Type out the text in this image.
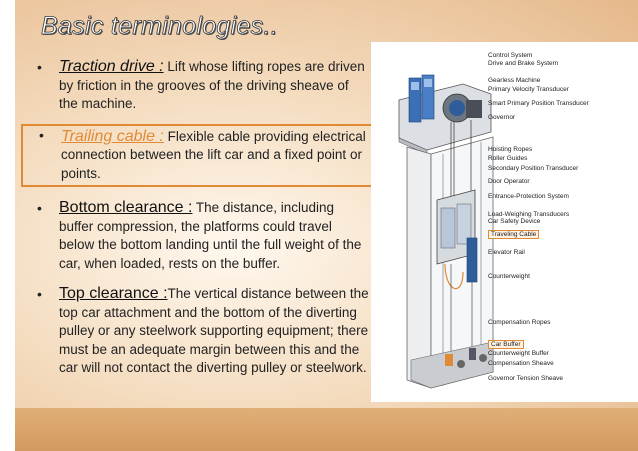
Basic terminologies..
• Traction drive : Lift whose lifting ropes are driven by friction in the grooves of the driving sheave of the machine.
• Trailing cable : Flexible cable providing electrical connection between the lift car and a fixed point or points.
• Bottom clearance : The distance, including buffer compression, the platforms could travel below the bottom landing until the full weight of the car, when loaded, rests on the buffer.
• Top clearance :The vertical distance between the top car attachment and the bottom of the diverting pulley or any steelwork supporting equipment; there must be an adequate margin between this and the car will not contact the diverting pulley or steelwork.
Control System
Drive and Brake System
Gearless Machine
Primary Velocity Transducer
Smart Primary Position Transducer
Governor
Hoisting Ropes
Roller Guides
Secondary Position Transducer
Door Operator
Entrance-Protection System
Load-Weighing Transducers
Car Safety Device
Traveling Cable
Elevator Rail
Counterweight
Compensation Ropes
Car Buffer
Counterweight Buffer
Compensation Sheave
Governor Tension Sheave
